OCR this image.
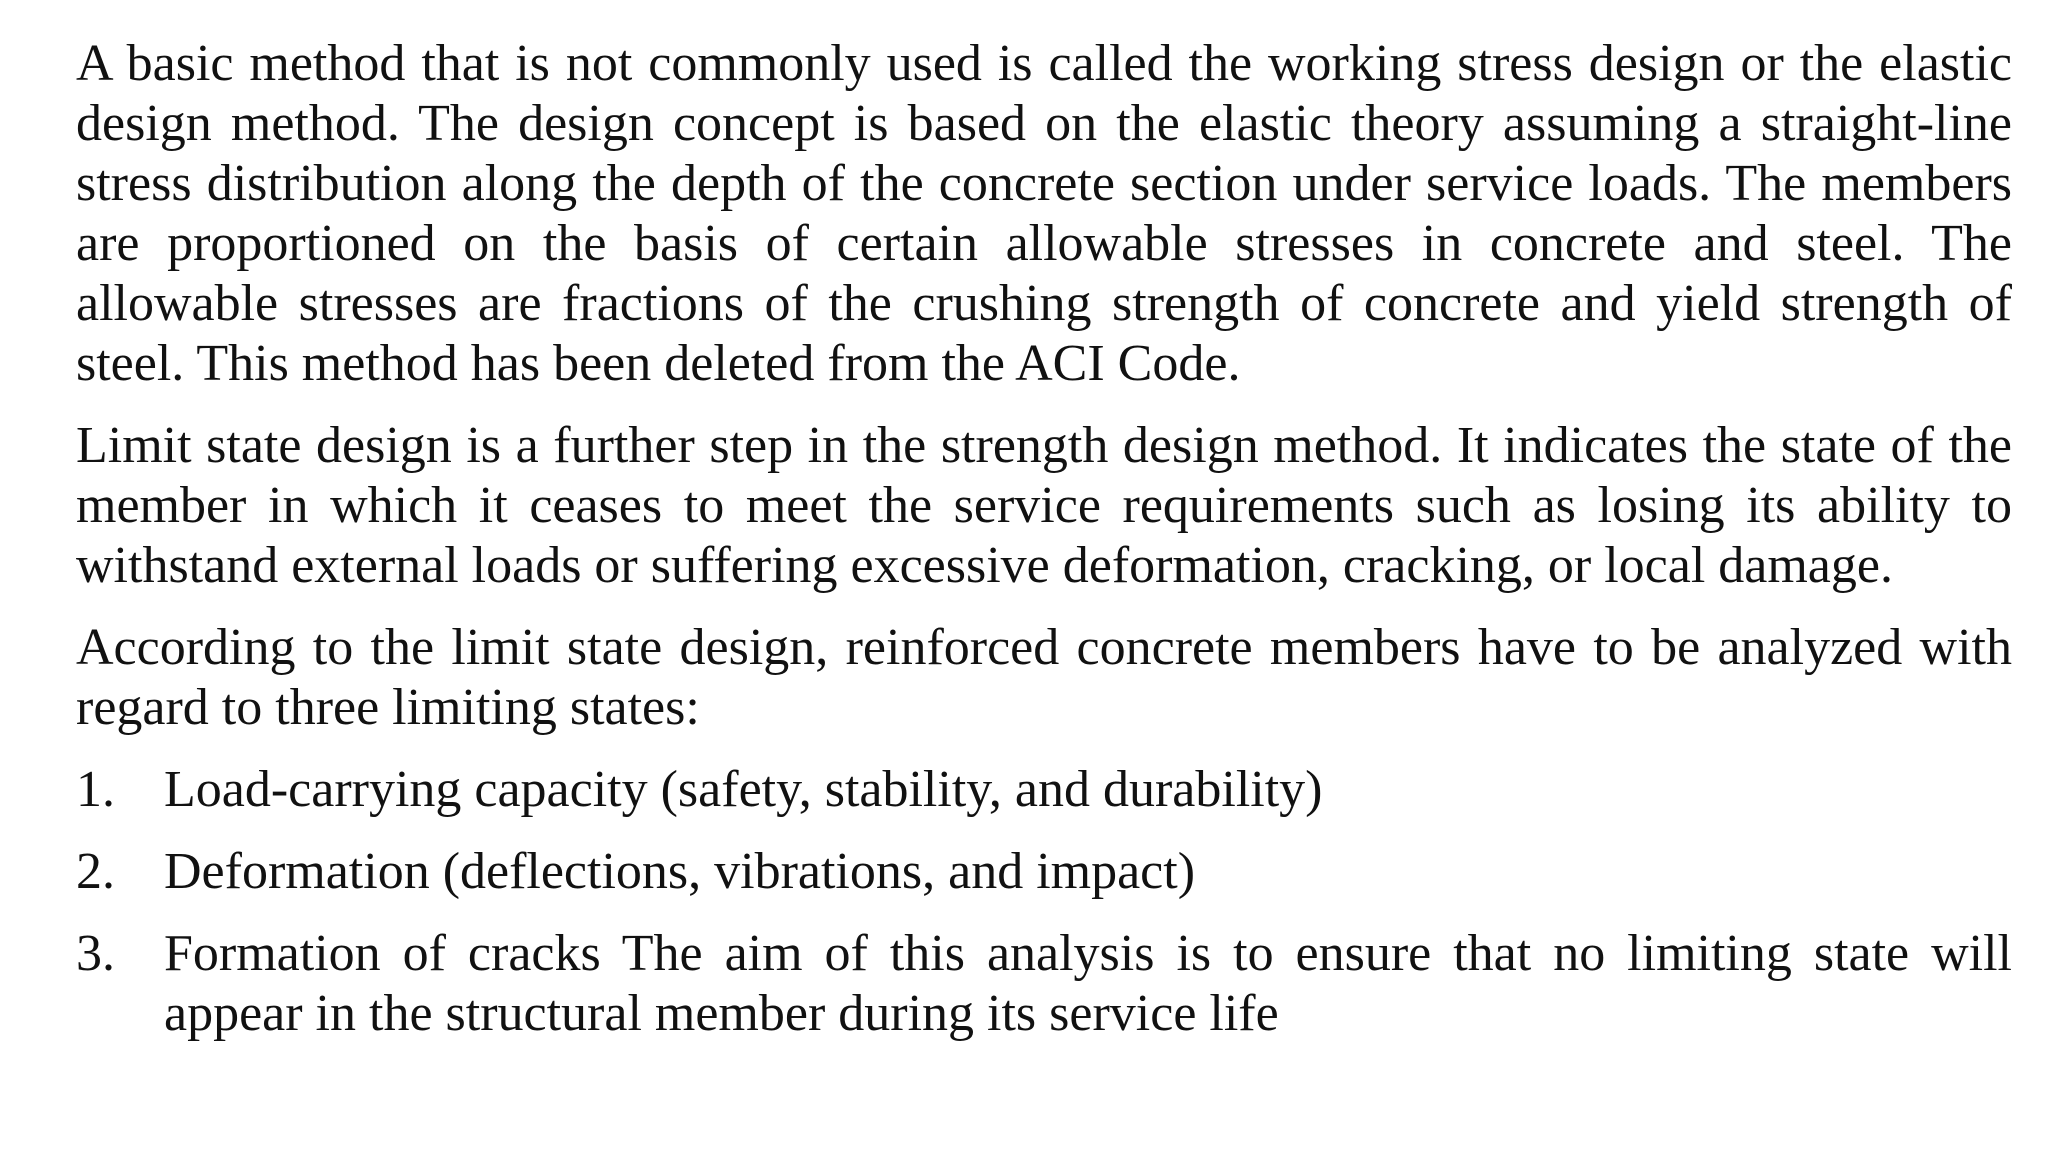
A basic method that is not commonly used is called the working stress design or the elastic design method. The design concept is based on the elastic theory assuming a straight-line stress distribution along the depth of the concrete section under service loads. The members are proportioned on the basis of certain allowable stresses in concrete and steel. The allowable stresses are fractions of the crushing strength of concrete and yield strength of steel. This method has been deleted from the ACI Code.

Limit state design is a further step in the strength design method. It indicates the state of the member in which it ceases to meet the service requirements such as losing its ability to withstand external loads or suffering excessive deformation, cracking, or local damage.

According to the limit state design, reinforced concrete members have to be analyzed with regard to three limiting states:

1. Load-carrying capacity (safety, stability, and durability)
2. Deformation (deflections, vibrations, and impact)
3. Formation of cracks The aim of this analysis is to ensure that no limiting state will appear in the structural member during its service life
